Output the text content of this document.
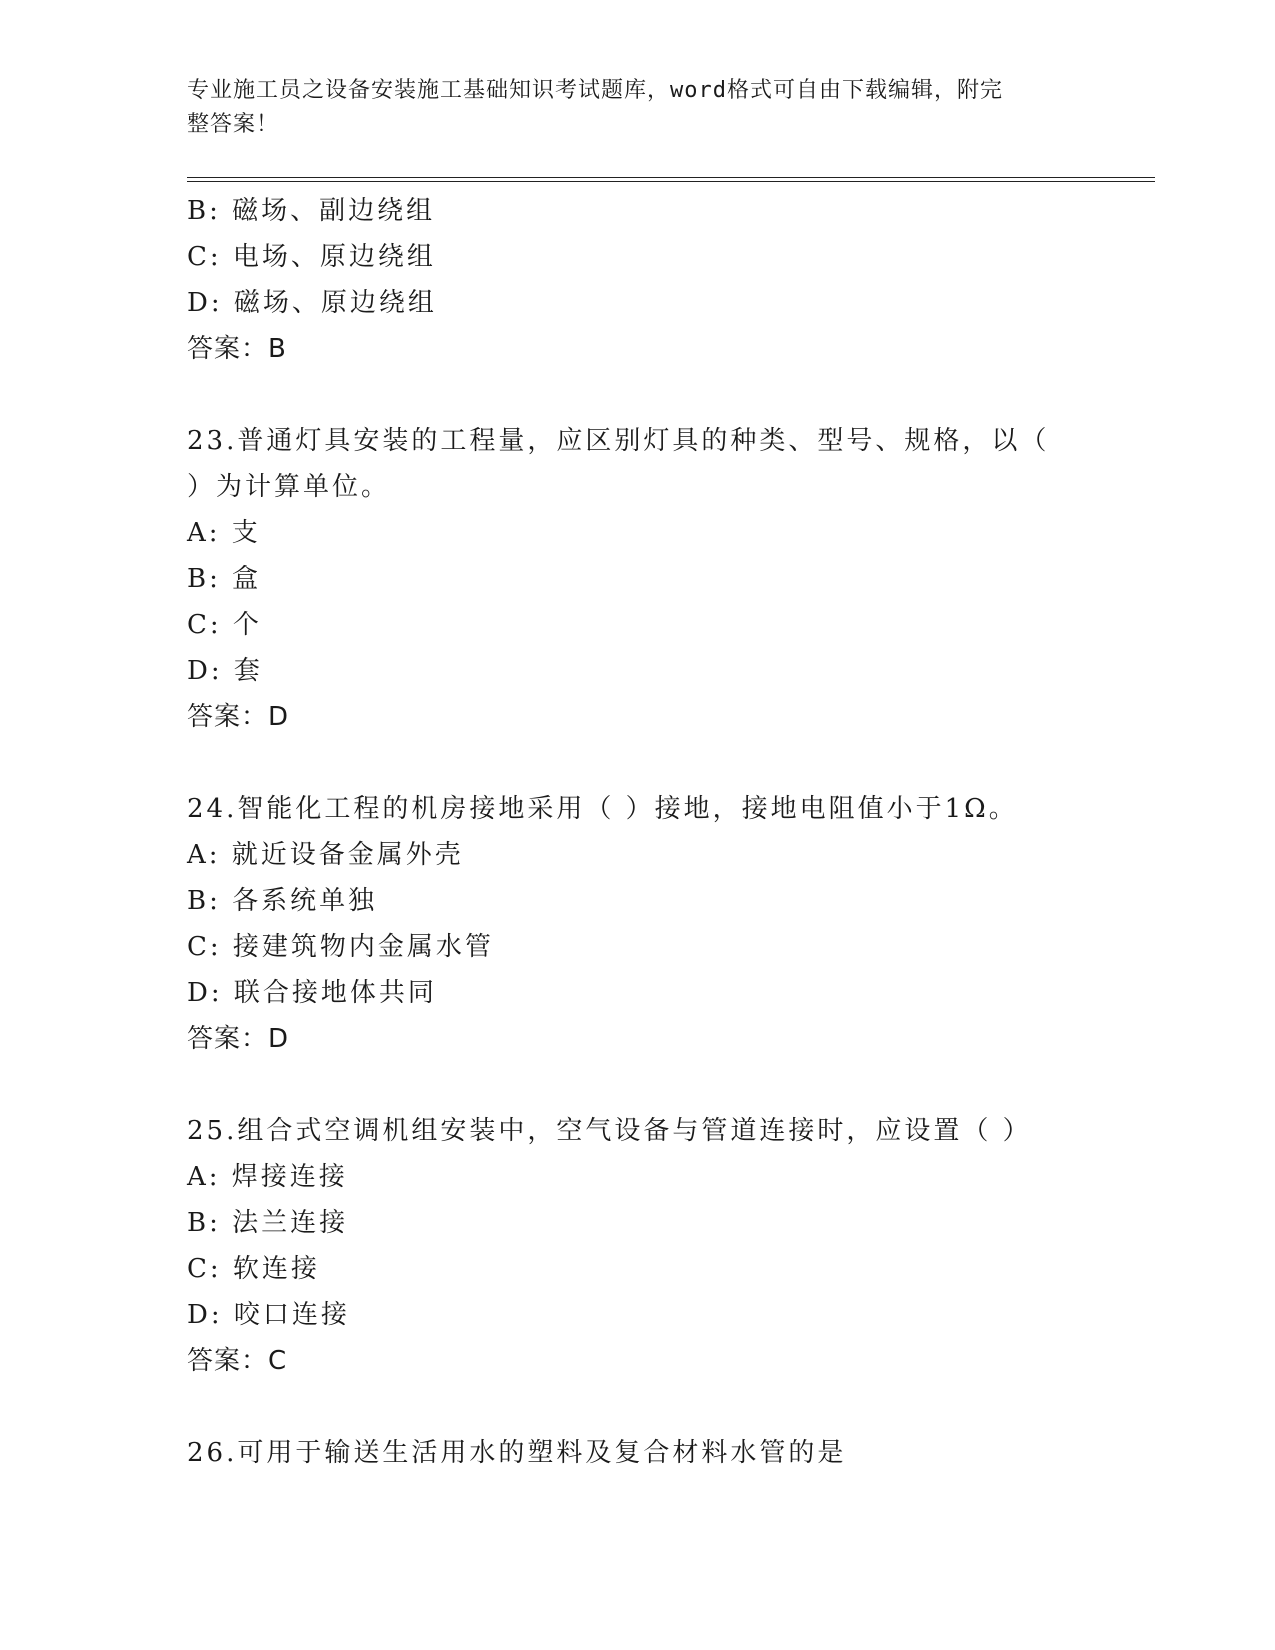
专业施工员之设备安装施工基础知识考试题库，word格式可自由下载编辑，附完
整答案！
B: 磁场、副边绕组
C: 电场、原边绕组
D: 磁场、原边绕组
答案：B
23.普通灯具安装的工程量，应区别灯具的种类、型号、规格，以（
）为计算单位。
A: 支
B: 盒
C: 个
D: 套
答案：D
24.智能化工程的机房接地采用（ ）接地，接地电阻值小于1Ω。
A: 就近设备金属外壳
B: 各系统单独
C: 接建筑物内金属水管
D: 联合接地体共同
答案：D
25.组合式空调机组安装中，空气设备与管道连接时，应设置（ ）
A: 焊接连接
B: 法兰连接
C: 软连接
D: 咬口连接
答案：C
26.可用于输送生活用水的塑料及复合材料水管的是
